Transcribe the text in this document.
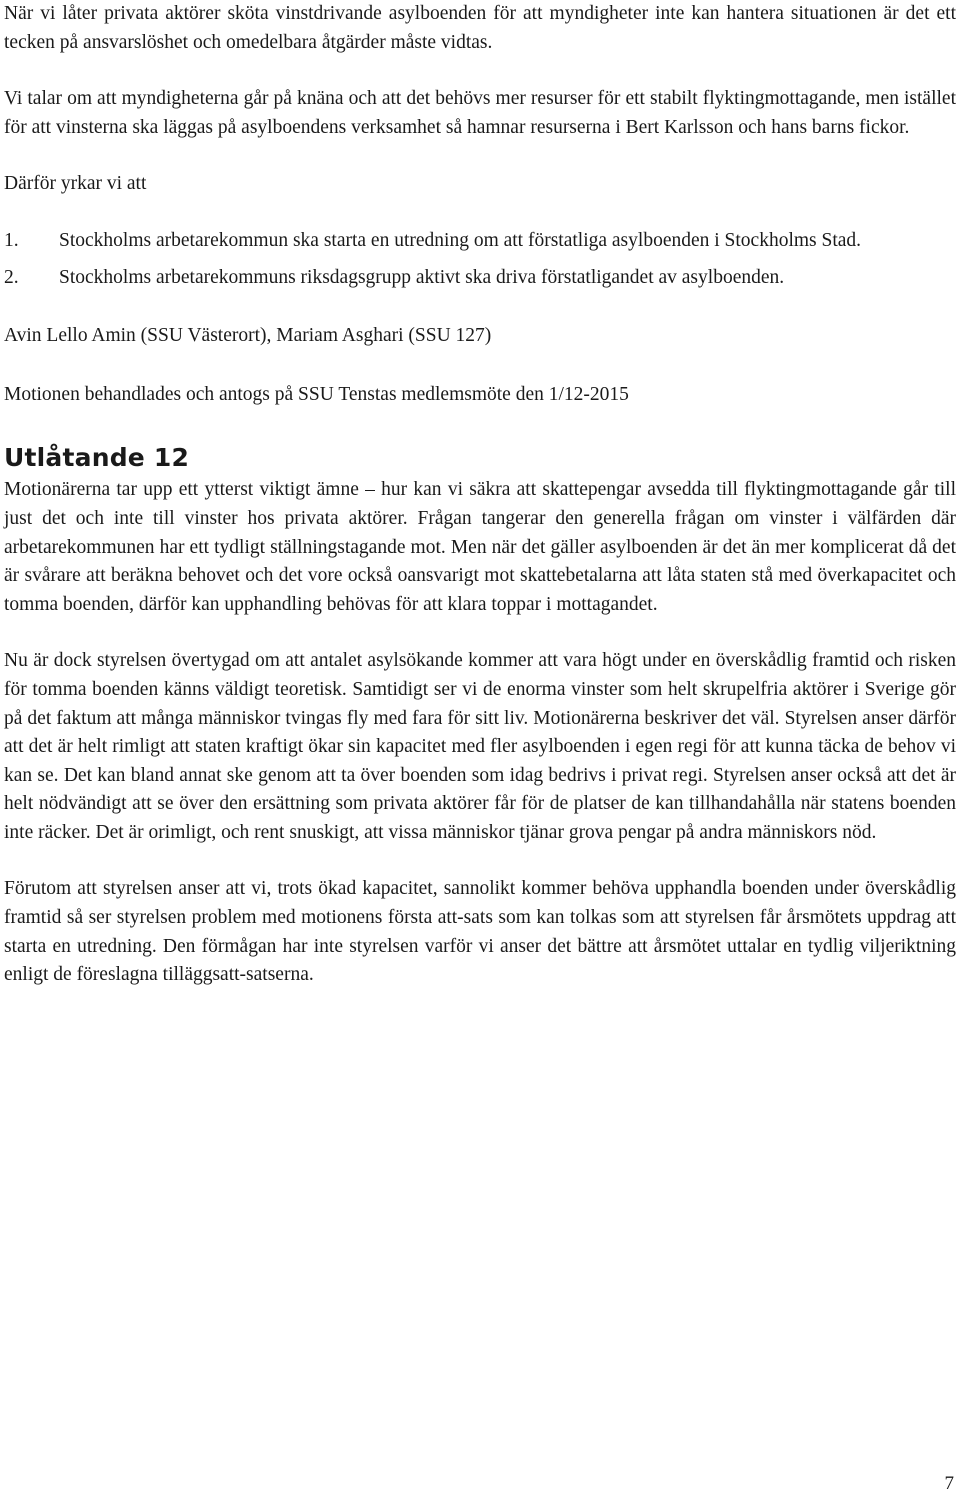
När vi låter privata aktörer sköta vinstdrivande asylboenden för att myndigheter inte kan hantera situationen är det ett tecken på ansvarslöshet och omedelbara åtgärder måste vidtas.

Vi talar om att myndigheterna går på knäna och att det behövs mer resurser för ett stabilt flyktingmottagande, men istället för att vinsterna ska läggas på asylboendens verksamhet så hamnar resurserna i Bert Karlsson och hans barns fickor.

Därför yrkar vi att

1. Stockholms arbetarekommun ska starta en utredning om att förstatliga asylboenden i Stockholms Stad.
2. Stockholms arbetarekommuns riksdagsgrupp aktivt ska driva förstatligandet av asylboenden.

Avin Lello Amin (SSU Västerort), Mariam Asghari (SSU 127)

Motionen behandlades och antogs på SSU Tenstas medlemsmöte den 1/12-2015

Utlåtande 12

Motionärerna tar upp ett ytterst viktigt ämne – hur kan vi säkra att skattepengar avsedda till flyktingmottagande går till just det och inte till vinster hos privata aktörer. Frågan tangerar den generella frågan om vinster i välfärden där arbetarekommunen har ett tydligt ställningstagande mot. Men när det gäller asylboenden är det än mer komplicerat då det är svårare att beräkna behovet och det vore också oansvarigt mot skattebetalarna att låta staten stå med överkapacitet och tomma boenden, därför kan upphandling behövas för att klara toppar i mottagandet.

Nu är dock styrelsen övertygad om att antalet asylsökande kommer att vara högt under en överskådlig framtid och risken för tomma boenden känns väldigt teoretisk. Samtidigt ser vi de enorma vinster som helt skrupelfria aktörer i Sverige gör på det faktum att många människor tvingas fly med fara för sitt liv. Motionärerna beskriver det väl. Styrelsen anser därför att det är helt rimligt att staten kraftigt ökar sin kapacitet med fler asylboenden i egen regi för att kunna täcka de behov vi kan se. Det kan bland annat ske genom att ta över boenden som idag bedrivs i privat regi. Styrelsen anser också att det är helt nödvändigt att se över den ersättning som privata aktörer får för de platser de kan tillhandahålla när statens boenden inte räcker. Det är orimligt, och rent snuskigt, att vissa människor tjänar grova pengar på andra människors nöd.

Förutom att styrelsen anser att vi, trots ökad kapacitet, sannolikt kommer behöva upphandla boenden under överskådlig framtid så ser styrelsen problem med motionens första att-sats som kan tolkas som att styrelsen får årsmötets uppdrag att starta en utredning. Den förmågan har inte styrelsen varför vi anser det bättre att årsmötet uttalar en tydlig viljeriktning enligt de föreslagna tilläggsatt-satserna.

7
